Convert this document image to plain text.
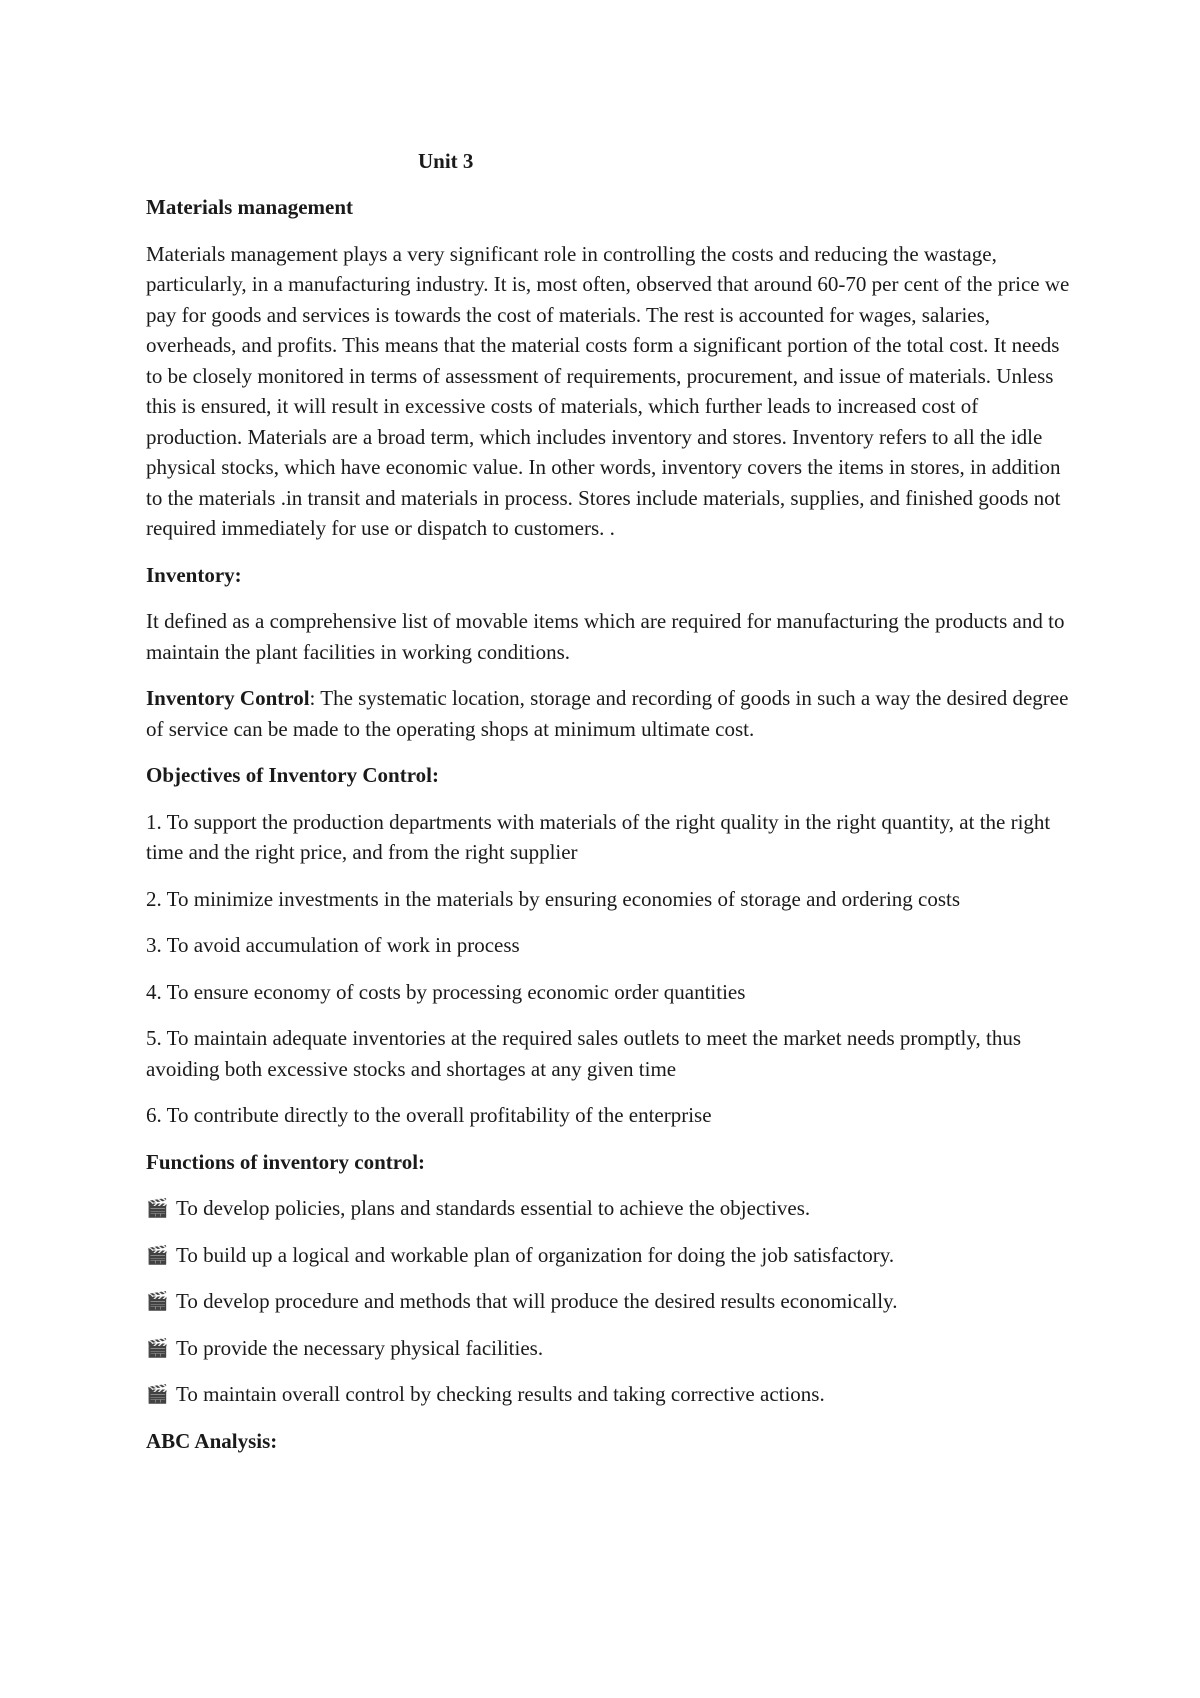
Unit 3

Materials management

Materials management plays a very significant role in controlling the costs and reducing the wastage, particularly, in a manufacturing industry. It is, most often, observed that around 60-70 per cent of the price we pay for goods and services is towards the cost of materials. The rest is accounted for wages, salaries, overheads, and profits. This means that the material costs form a significant portion of the total cost. It needs to be closely monitored in terms of assessment of requirements, procurement, and issue of materials. Unless this is ensured, it will result in excessive costs of materials, which further leads to increased cost of production. Materials are a broad term, which includes inventory and stores. Inventory refers to all the idle physical stocks, which have economic value. In other words, inventory covers the items in stores, in addition to the materials .in transit and materials in process. Stores include materials, supplies, and finished goods not required immediately for use or dispatch to customers. .

Inventory:

It defined as a comprehensive list of movable items which are required for manufacturing the products and to maintain the plant facilities in working conditions.

Inventory Control: The systematic location, storage and recording of goods in such a way the desired degree of service can be made to the operating shops at minimum ultimate cost.

Objectives of Inventory Control:

1. To support the production departments with materials of the right quality in the right quantity, at the right time and the right price, and from the right supplier

2. To minimize investments in the materials by ensuring economies of storage and ordering costs

3. To avoid accumulation of work in process

4. To ensure economy of costs by processing economic order quantities

5. To maintain adequate inventories at the required sales outlets to meet the market needs promptly, thus avoiding both excessive stocks and shortages at any given time

6. To contribute directly to the overall profitability of the enterprise

Functions of inventory control:

🎬 To develop policies, plans and standards essential to achieve the objectives.

🎬 To build up a logical and workable plan of organization for doing the job satisfactory.

🎬 To develop procedure and methods that will produce the desired results economically.

🎬 To provide the necessary physical facilities.

🎬 To maintain overall control by checking results and taking corrective actions.

ABC Analysis:
